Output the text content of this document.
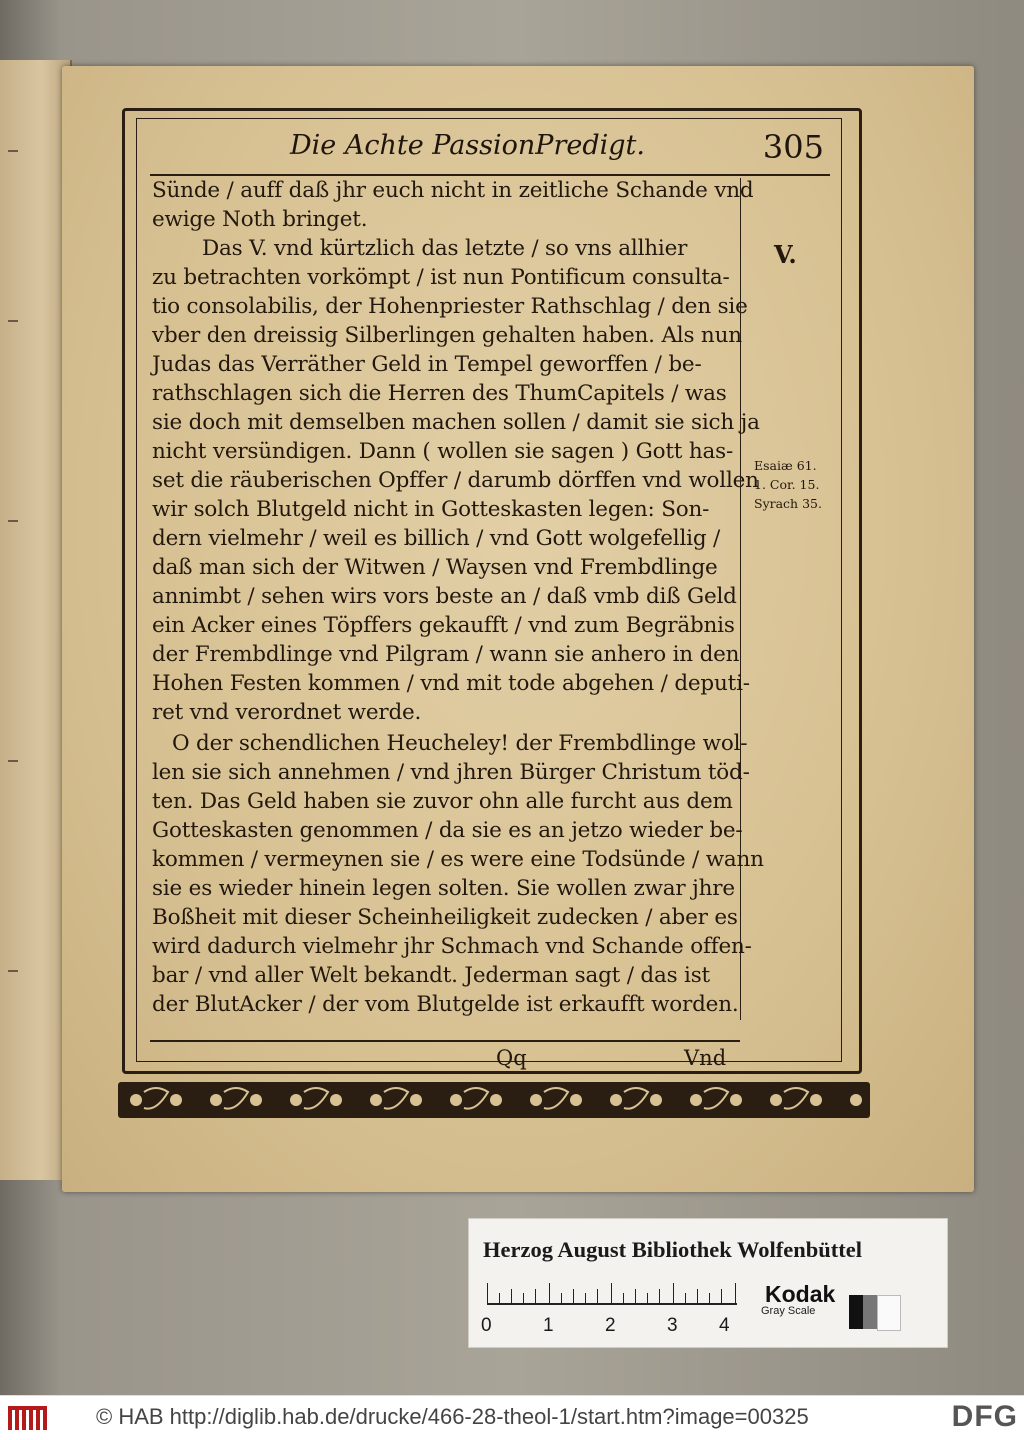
Die Achte PassionPredigt.	305
Sünde / auff daß jhr euch nicht in zeitliche Schande vnd
ewige Noth bringet.
Das V. vnd kürtzlich das letzte / so vns allhier
zu betrachten vorkömpt / ist nun Pontificum consulta-
tio consolabilis, der Hohenpriester Rathschlag / den sie
vber den dreissig Silberlingen gehalten haben. Als nun
Judas das Verräther Geld in Tempel geworffen / be-
rathschlagen sich die Herren des ThumCapitels / was
sie doch mit demselben machen sollen / damit sie sich ja
nicht versündigen. Dann ( wollen sie sagen ) Gott has-
set die räuberischen Opffer / darumb dörffen vnd wollen
wir solch Blutgeld nicht in Gotteskasten legen: Son-
dern vielmehr / weil es billich / vnd Gott wolgefellig /
daß man sich der Witwen / Waysen vnd Frembdlinge
annimbt / sehen wirs vors beste an / daß vmb diß Geld
ein Acker eines Töpffers gekaufft / vnd zum Begräbnis
der Frembdlinge vnd Pilgram / wann sie anhero in den
Hohen Festen kommen / vnd mit tode abgehen / deputi-
ret vnd verordnet werde.
O der schendlichen Heucheley! der Frembdlinge wol-
len sie sich annehmen / vnd jhren Bürger Christum töd-
ten. Das Geld haben sie zuvor ohn alle furcht aus dem
Gotteskasten genommen / da sie es an jetzo wieder be-
kommen / vermeynen sie / es were eine Todsünde / wann
sie es wieder hinein legen solten. Sie wollen zwar jhre
Boßheit mit dieser Scheinheiligkeit zudecken / aber es
wird dadurch vielmehr jhr Schmach vnd Schande offen-
bar / vnd aller Welt bekandt. Jederman sagt / das ist
der BlutAcker / der vom Blutgelde ist erkaufft worden.
V.
Esaiæ 61.
1. Cor. 15.
Syrach 35.
Qq	Vnd
Herzog August Bibliothek Wolfenbüttel
0	1	2	3 4
Kodak
Gray Scale
© HAB http://diglib.hab.de/drucke/466-28-theol-1/start.htm?image=00325	DFG
